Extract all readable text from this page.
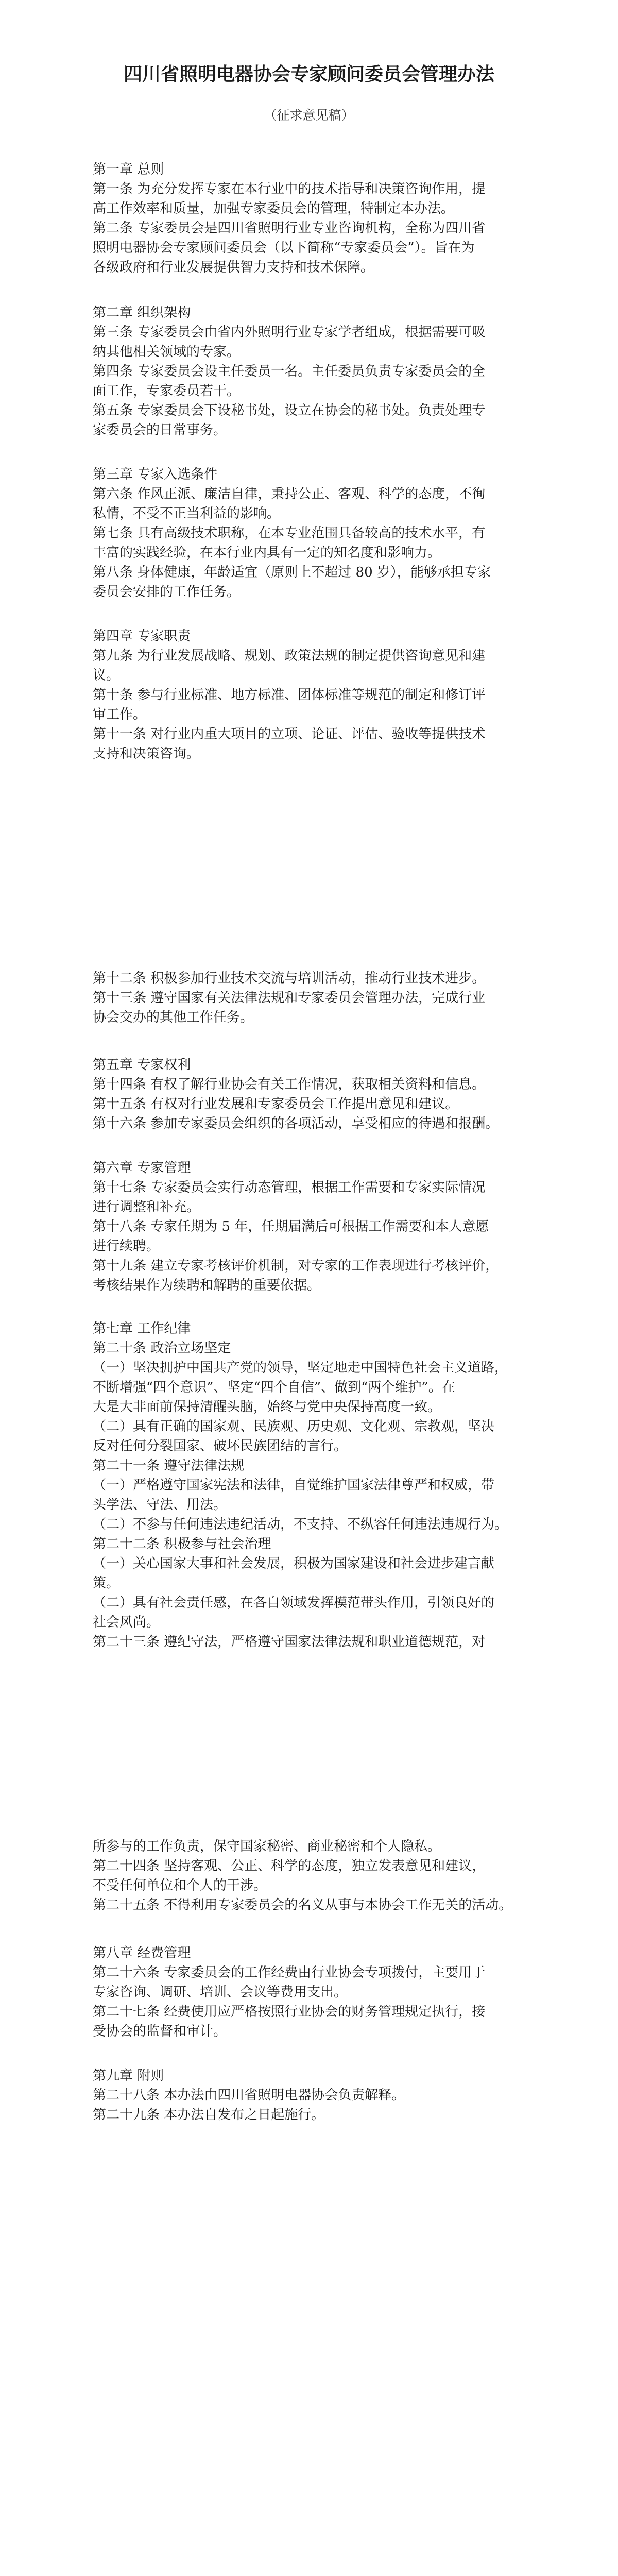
四川省照明电器协会专家顾问委员会管理办法
（征求意见稿）
第一章 总则
第一条 为充分发挥专家在本行业中的技术指导和决策咨询作用，提
高工作效率和质量，加强专家委员会的管理，特制定本办法。
第二条 专家委员会是四川省照明行业专业咨询机构，全称为四川省
照明电器协会专家顾问委员会（以下简称“专家委员会”）。旨在为
各级政府和行业发展提供智力支持和技术保障。
第二章 组织架构
第三条 专家委员会由省内外照明行业专家学者组成，根据需要可吸
纳其他相关领域的专家。
第四条 专家委员会设主任委员一名。主任委员负责专家委员会的全
面工作，专家委员若干。
第五条 专家委员会下设秘书处，设立在协会的秘书处。负责处理专
家委员会的日常事务。
第三章 专家入选条件
第六条 作风正派、廉洁自律，秉持公正、客观、科学的态度，不徇
私情，不受不正当利益的影响。
第七条 具有高级技术职称，在本专业范围具备较高的技术水平，有
丰富的实践经验，在本行业内具有一定的知名度和影响力。
第八条 身体健康，年龄适宜（原则上不超过 80 岁），能够承担专家
委员会安排的工作任务。
第四章 专家职责
第九条 为行业发展战略、规划、政策法规的制定提供咨询意见和建
议。
第十条 参与行业标准、地方标准、团体标准等规范的制定和修订评
审工作。
第十一条 对行业内重大项目的立项、论证、评估、验收等提供技术
支持和决策咨询。
第十二条 积极参加行业技术交流与培训活动，推动行业技术进步。
第十三条 遵守国家有关法律法规和专家委员会管理办法，完成行业
协会交办的其他工作任务。
第五章 专家权利
第十四条 有权了解行业协会有关工作情况，获取相关资料和信息。
第十五条 有权对行业发展和专家委员会工作提出意见和建议。
第十六条 参加专家委员会组织的各项活动，享受相应的待遇和报酬。
第六章 专家管理
第十七条 专家委员会实行动态管理，根据工作需要和专家实际情况
进行调整和补充。
第十八条 专家任期为 5 年，任期届满后可根据工作需要和本人意愿
进行续聘。
第十九条 建立专家考核评价机制，对专家的工作表现进行考核评价，
考核结果作为续聘和解聘的重要依据。
第七章 工作纪律
第二十条 政治立场坚定
（一）坚决拥护中国共产党的领导，坚定地走中国特色社会主义道路，
不断增强“四个意识”、坚定“四个自信”、做到“两个维护”。在
大是大非面前保持清醒头脑，始终与党中央保持高度一致。
（二）具有正确的国家观、民族观、历史观、文化观、宗教观，坚决
反对任何分裂国家、破坏民族团结的言行。
第二十一条 遵守法律法规
（一）严格遵守国家宪法和法律，自觉维护国家法律尊严和权威，带
头学法、守法、用法。
（二）不参与任何违法违纪活动，不支持、不纵容任何违法违规行为。
第二十二条 积极参与社会治理
（一）关心国家大事和社会发展，积极为国家建设和社会进步建言献
策。
（二）具有社会责任感，在各自领域发挥模范带头作用，引领良好的
社会风尚。
第二十三条 遵纪守法，严格遵守国家法律法规和职业道德规范，对
所参与的工作负责，保守国家秘密、商业秘密和个人隐私。
第二十四条 坚持客观、公正、科学的态度，独立发表意见和建议，
不受任何单位和个人的干涉。
第二十五条 不得利用专家委员会的名义从事与本协会工作无关的活动。
第八章 经费管理
第二十六条 专家委员会的工作经费由行业协会专项拨付，主要用于
专家咨询、调研、培训、会议等费用支出。
第二十七条 经费使用应严格按照行业协会的财务管理规定执行，接
受协会的监督和审计。
第九章 附则
第二十八条 本办法由四川省照明电器协会负责解释。
第二十九条 本办法自发布之日起施行。
